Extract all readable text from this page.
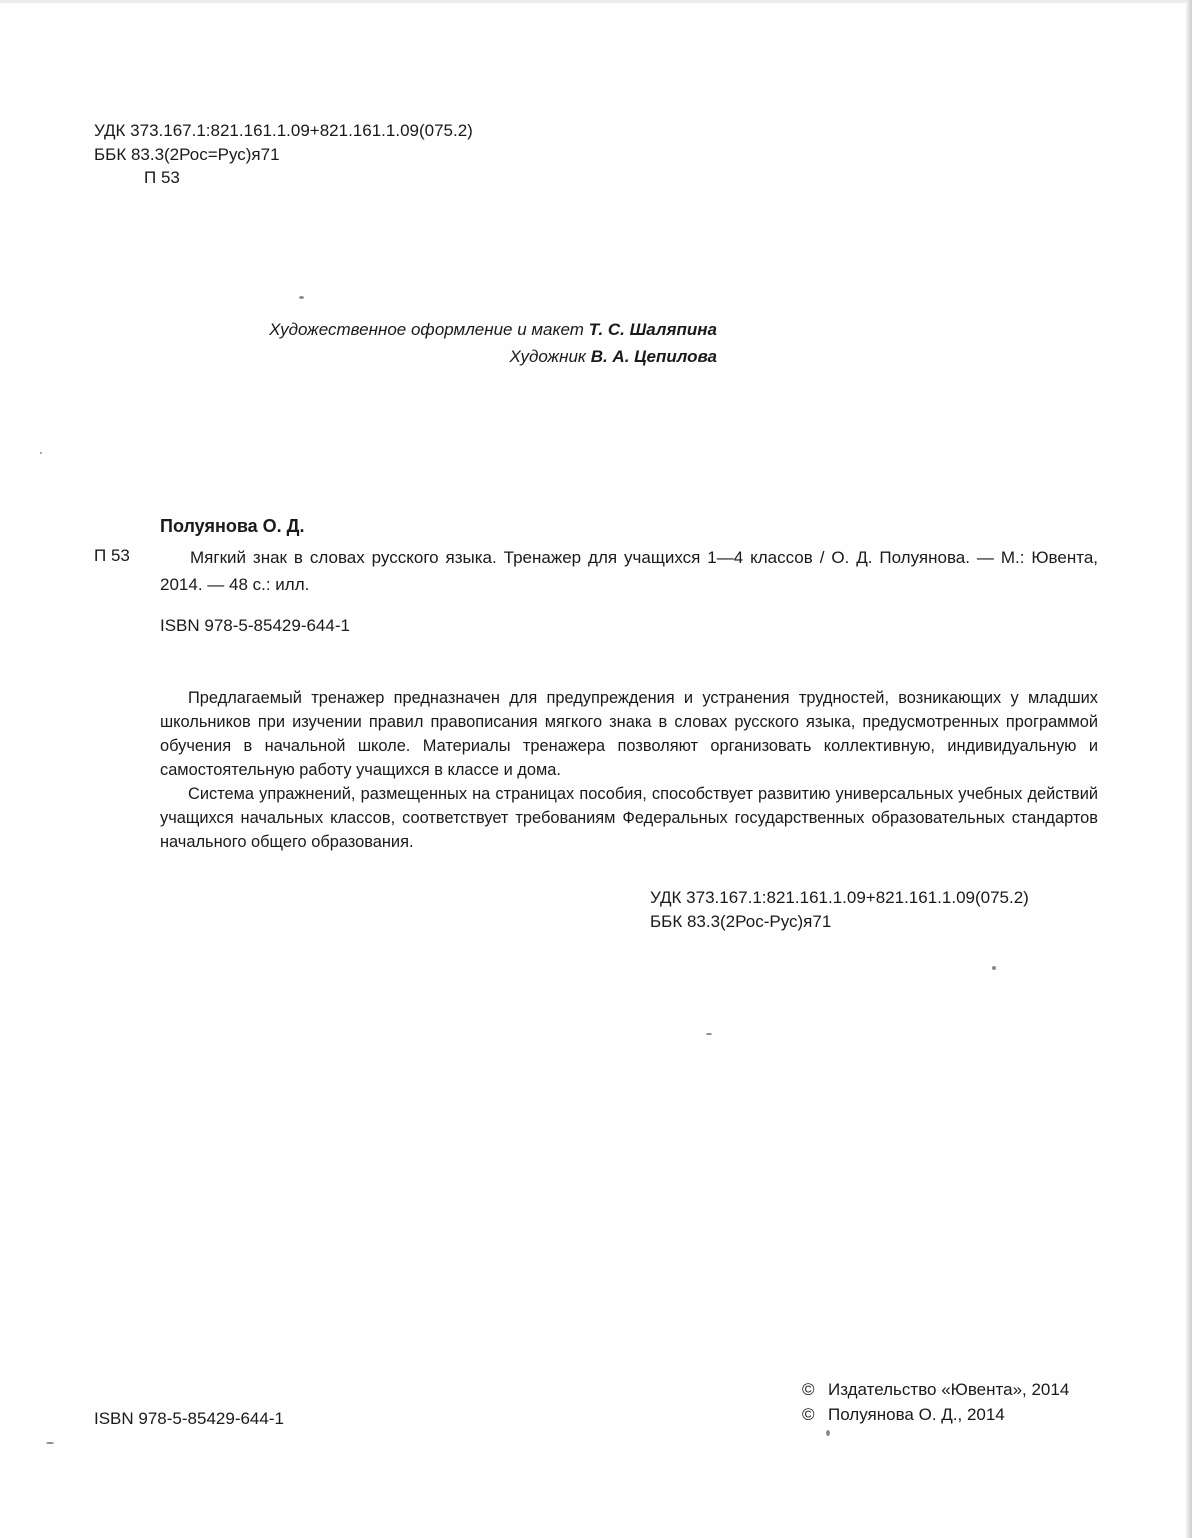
УДК 373.167.1:821.161.1.09+821.161.1.09(075.2)
ББК 83.3(2Рос=Рус)я71
П 53
Художественное оформление и макет Т. С. Шаляпина
Художник В. А. Цепилова
Полуянова О. Д.
П 53	Мягкий знак в словах русского языка. Тренажер для учащихся 1—4 классов / О. Д. Полуянова. — М.: Ювента, 2014. — 48 с.: илл.

ISBN 978-5-85429-644-1

Предлагаемый тренажер предназначен для предупреждения и устранения трудностей, возникающих у младших школьников при изучении правил правописания мягкого знака в словах русского языка, предусмотренных программой обучения в начальной школе. Материалы тренажера позволяют организовать коллективную, индивидуальную и самостоятельную работу учащихся в классе и дома.

Система упражнений, размещенных на страницах пособия, способствует развитию универсальных учебных действий учащихся начальных классов, соответствует требованиям Федеральных государственных образовательных стандартов начального общего образования.

УДК 373.167.1:821.161.1.09+821.161.1.09(075.2)
ББК 83.3(2Рос-Рус)я71
ISBN 978-5-85429-644-1
© Издательство «Ювента», 2014
© Полуянова О. Д., 2014
